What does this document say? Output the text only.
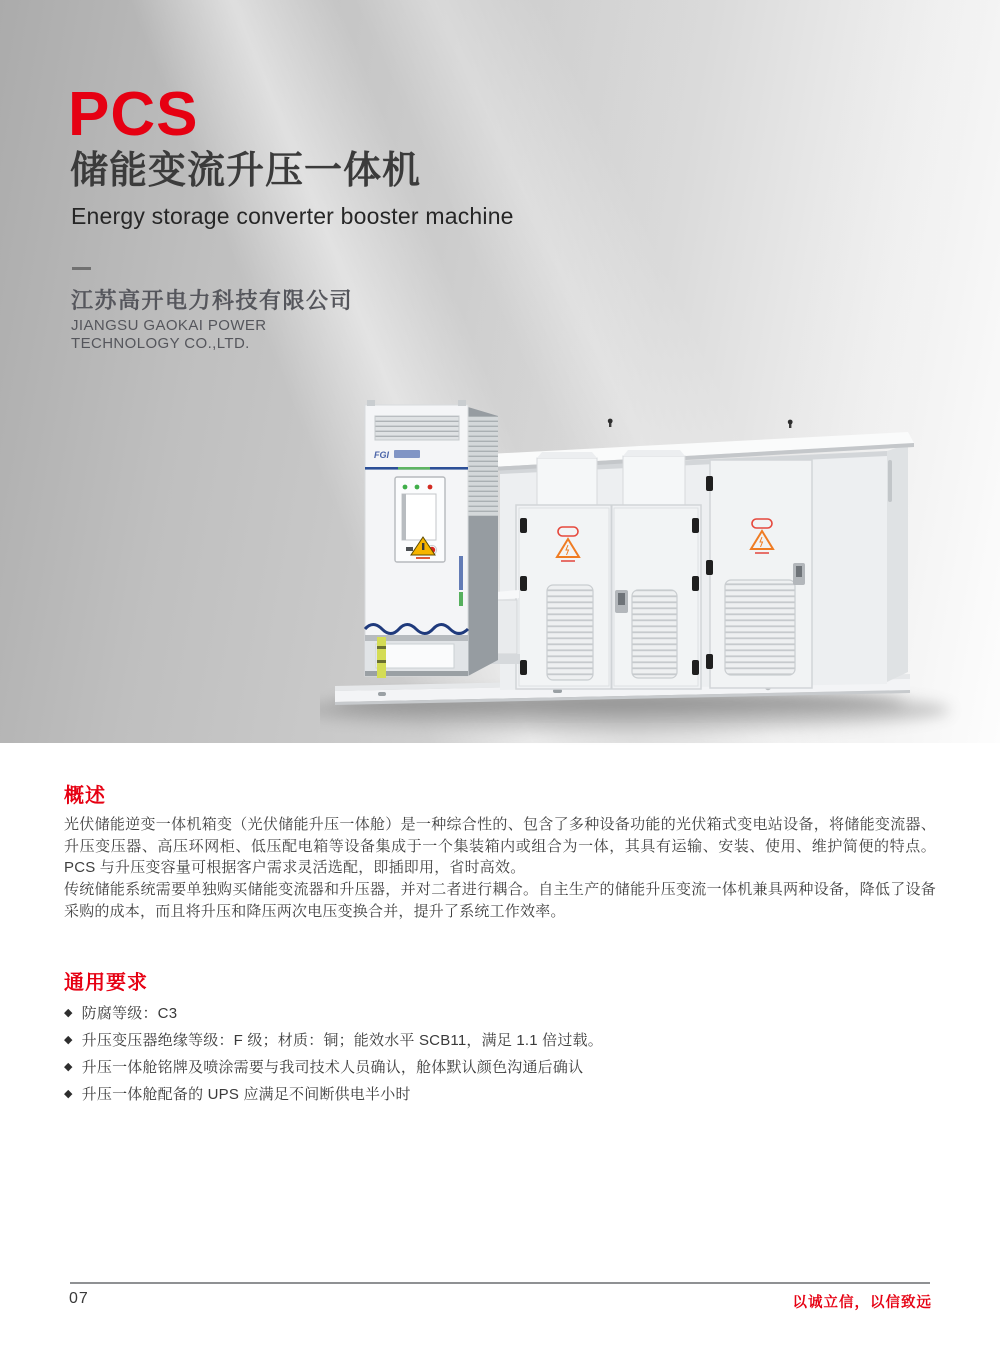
PCS
储能变流升压一体机
Energy storage converter booster machine
江苏高开电力科技有限公司
JIANGSU GAOKAI POWER
TECHNOLOGY CO.,LTD.
FGI
概述

光伏储能逆变一体机箱变（光伏储能升压一体舱）是一种综合性的、包含了多种设备功能的光伏箱式变电站设备，将储能变流器、升压变压器、高压环网柜、低压配电箱等设备集成于一个集装箱内或组合为一体，其具有运输、安装、使用、维护简便的特点。PCS 与升压变容量可根据客户需求灵活选配，即插即用，省时高效。

传统储能系统需要单独购买储能变流器和升压器，并对二者进行耦合。自主生产的储能升压变流一体机兼具两种设备，降低了设备采购的成本，而且将升压和降压两次电压变换合并，提升了系统工作效率。

通用要求
◆ 防腐等级：C3
◆ 升压变压器绝缘等级：F 级；材质：铜；能效水平 SCB11，满足 1.1 倍过载。
◆ 升压一体舱铭牌及喷涂需要与我司技术人员确认，舱体默认颜色沟通后确认
◆ 升压一体舱配备的 UPS 应满足不间断供电半小时
07	以诚立信，以信致远
